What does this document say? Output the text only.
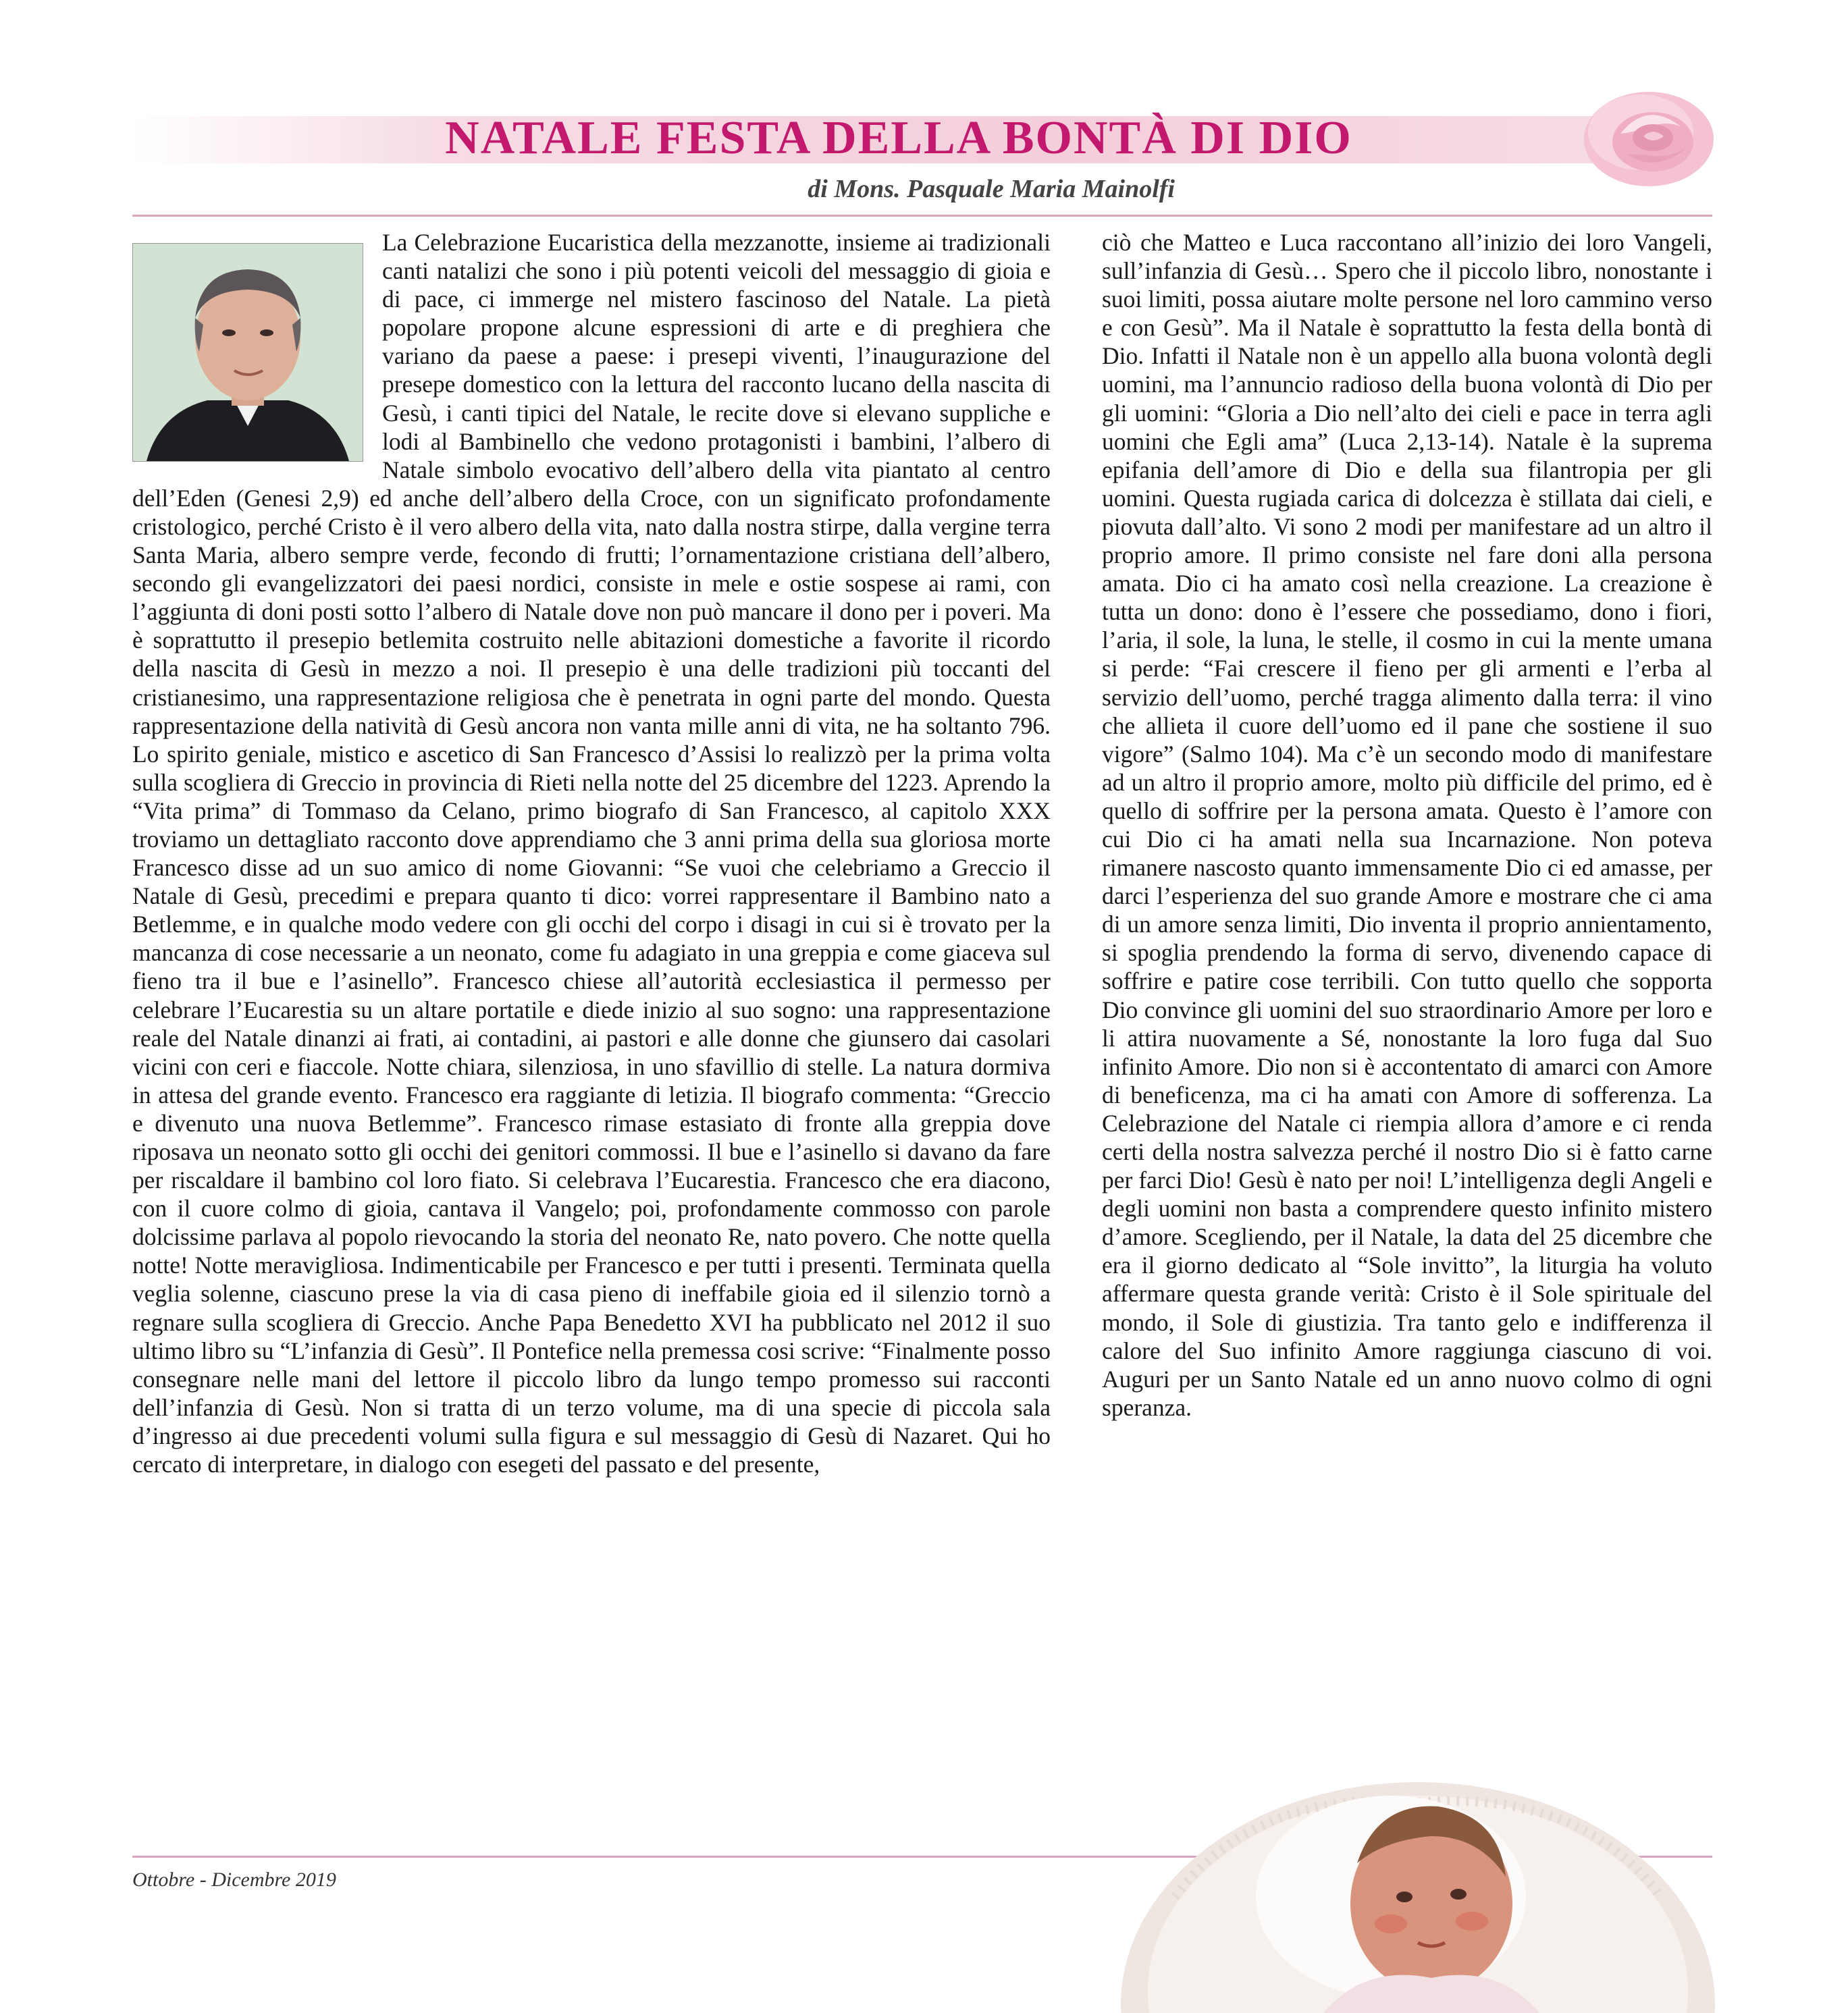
NATALE FESTA DELLA BONTÀ DI DIO
di Mons. Pasquale Maria Mainolfi

La Celebrazione Eucaristica della mezzanotte, insieme ai tradizionali canti natalizi che sono i più potenti veicoli del messaggio di gioia e di pace, ci immerge nel mistero fascinoso del Natale. La pietà popolare propone alcune espressioni di arte e di preghiera che variano da paese a paese: i presepi viventi, l’inaugurazione del presepe domestico con la lettura del racconto lucano della nascita di Gesù, i canti tipici del Natale, le recite dove si elevano suppliche e lodi al Bambinello che vedono protagonisti i bambini, l’albero di Natale simbolo evocativo dell’albero della vita piantato al centro dell’Eden (Genesi 2,9) ed anche dell’albero della Croce, con un significato profondamente cristologico, perché Cristo è il vero albero della vita, nato dalla nostra stirpe, dalla vergine terra Santa Maria, albero sempre verde, fecondo di frutti; l’ornamentazione cristiana dell’albero, secondo gli evangelizzatori dei paesi nordici, consiste in mele e ostie sospese ai rami, con l’aggiunta di doni posti sotto l’albero di Natale dove non può mancare il dono per i poveri. Ma è soprattutto il presepio betlemita costruito nelle abitazioni domestiche a favorite il ricordo della nascita di Gesù in mezzo a noi. Il presepio è una delle tradizioni più toccanti del cristianesimo, una rappresentazione religiosa che è penetrata in ogni parte del mondo. Questa rappresentazione della natività di Gesù ancora non vanta mille anni di vita, ne ha soltanto 796. Lo spirito geniale, mistico e ascetico di San Francesco d’Assisi lo realizzò per la prima volta sulla scogliera di Greccio in provincia di Rieti nella notte del 25 dicembre del 1223. Aprendo la “Vita prima” di Tommaso da Celano, primo biografo di San Francesco, al capitolo XXX troviamo un dettagliato racconto dove apprendiamo che 3 anni prima della sua gloriosa morte Francesco disse ad un suo amico di nome Giovanni: “Se vuoi che celebriamo a Greccio il Natale di Gesù, precedimi e prepara quanto ti dico: vorrei rappresentare il Bambino nato a Betlemme, e in qualche modo vedere con gli occhi del corpo i disagi in cui si è trovato per la mancanza di cose necessarie a un neonato, come fu adagiato in una greppia e come giaceva sul fieno tra il bue e l’asinello”. Francesco chiese all’autorità ecclesiastica il permesso per celebrare l’Eucarestia su un altare portatile e diede inizio al suo sogno: una rappresentazione reale del Natale dinanzi ai frati, ai contadini, ai pastori e alle donne che giunsero dai casolari vicini con ceri e fiaccole. Notte chiara, silenziosa, in uno sfavillio di stelle. La natura dormiva in attesa del grande evento. Francesco era raggiante di letizia. Il biografo commenta: “Greccio e divenuto una nuova Betlemme”. Francesco rimase estasiato di fronte alla greppia dove riposava un neonato sotto gli occhi dei genitori commossi. Il bue e l’asinello si davano da fare per riscaldare il bambino col loro fiato. Si celebrava l’Eucarestia. Francesco che era diacono, con il cuore colmo di gioia, cantava il Vangelo; poi, profondamente commosso con parole dolcissime parlava al popolo rievocando la storia del neonato Re, nato povero. Che notte quella notte! Notte meravigliosa. Indimenticabile per Francesco e per tutti i presenti. Terminata quella veglia solenne, ciascuno prese la via di casa pieno di ineffabile gioia ed il silenzio tornò a regnare sulla scogliera di Greccio. Anche Papa Benedetto XVI ha pubblicato nel 2012 il suo ultimo libro su “L’infanzia di Gesù”. Il Pontefice nella premessa cosi scrive: “Finalmente posso consegnare nelle mani del lettore il piccolo libro da lungo tempo promesso sui racconti dell’infanzia di Gesù. Non si tratta di un terzo volume, ma di una specie di piccola sala d’ingresso ai due precedenti volumi sulla figura e sul messaggio di Gesù di Nazaret. Qui ho cercato di interpretare, in dialogo con esegeti del passato e del presente,

ciò che Matteo e Luca raccontano all’inizio dei loro Vangeli, sull’infanzia di Gesù… Spero che il piccolo libro, nonostante i suoi limiti, possa aiutare molte persone nel loro cammino verso e con Gesù”. Ma il Natale è soprattutto la festa della bontà di Dio. Infatti il Natale non è un appello alla buona volontà degli uomini, ma l’annuncio radioso della buona volontà di Dio per gli uomini: “Gloria a Dio nell’alto dei cieli e pace in terra agli uomini che Egli ama” (Luca 2,13-14). Natale è la suprema epifania dell’amore di Dio e della sua filantropia per gli uomini. Questa rugiada carica di dolcezza è stillata dai cieli, e piovuta dall’alto. Vi sono 2 modi per manifestare ad un altro il proprio amore. Il primo consiste nel fare doni alla persona amata. Dio ci ha amato così nella creazione. La creazione è tutta un dono: dono è l’essere che possediamo, dono i fiori, l’aria, il sole, la luna, le stelle, il cosmo in cui la mente umana si perde: “Fai crescere il fieno per gli armenti e l’erba al servizio dell’uomo, perché tragga alimento dalla terra: il vino che allieta il cuore dell’uomo ed il pane che sostiene il suo vigore” (Salmo 104). Ma c’è un secondo modo di manifestare ad un altro il proprio amore, molto più difficile del primo, ed è quello di soffrire per la persona amata. Questo è l’amore con cui Dio ci ha amati nella sua Incarnazione. Non poteva rimanere nascosto quanto immensamente Dio ci ed amasse, per darci l’esperienza del suo grande Amore e mostrare che ci ama di un amore senza limiti, Dio inventa il proprio annientamento, si spoglia prendendo la forma di servo, divenendo capace di soffrire e patire cose terribili. Con tutto quello che sopporta Dio convince gli uomini del suo straordinario Amore per loro e li attira nuovamente a Sé, nonostante la loro fuga dal Suo infinito Amore. Dio non si è accontentato di amarci con Amore di beneficenza, ma ci ha amati con Amore di sofferenza. La Celebrazione del Natale ci riempia allora d’amore e ci renda certi della nostra salvezza perché il nostro Dio si è fatto carne per farci Dio! Gesù è nato per noi! L’intelligenza degli Angeli e degli uomini non basta a comprendere questo infinito mistero d’amore. Scegliendo, per il Natale, la data del 25 dicembre che era il giorno dedicato al “Sole invitto”, la liturgia ha voluto affermare questa grande verità: Cristo è il Sole spirituale del mondo, il Sole di giustizia. Tra tanto gelo e indifferenza il calore del Suo infinito Amore raggiunga ciascuno di voi. Auguri per un Santo Natale ed un anno nuovo colmo di ogni speranza.

Ottobre - Dicembre 2019
